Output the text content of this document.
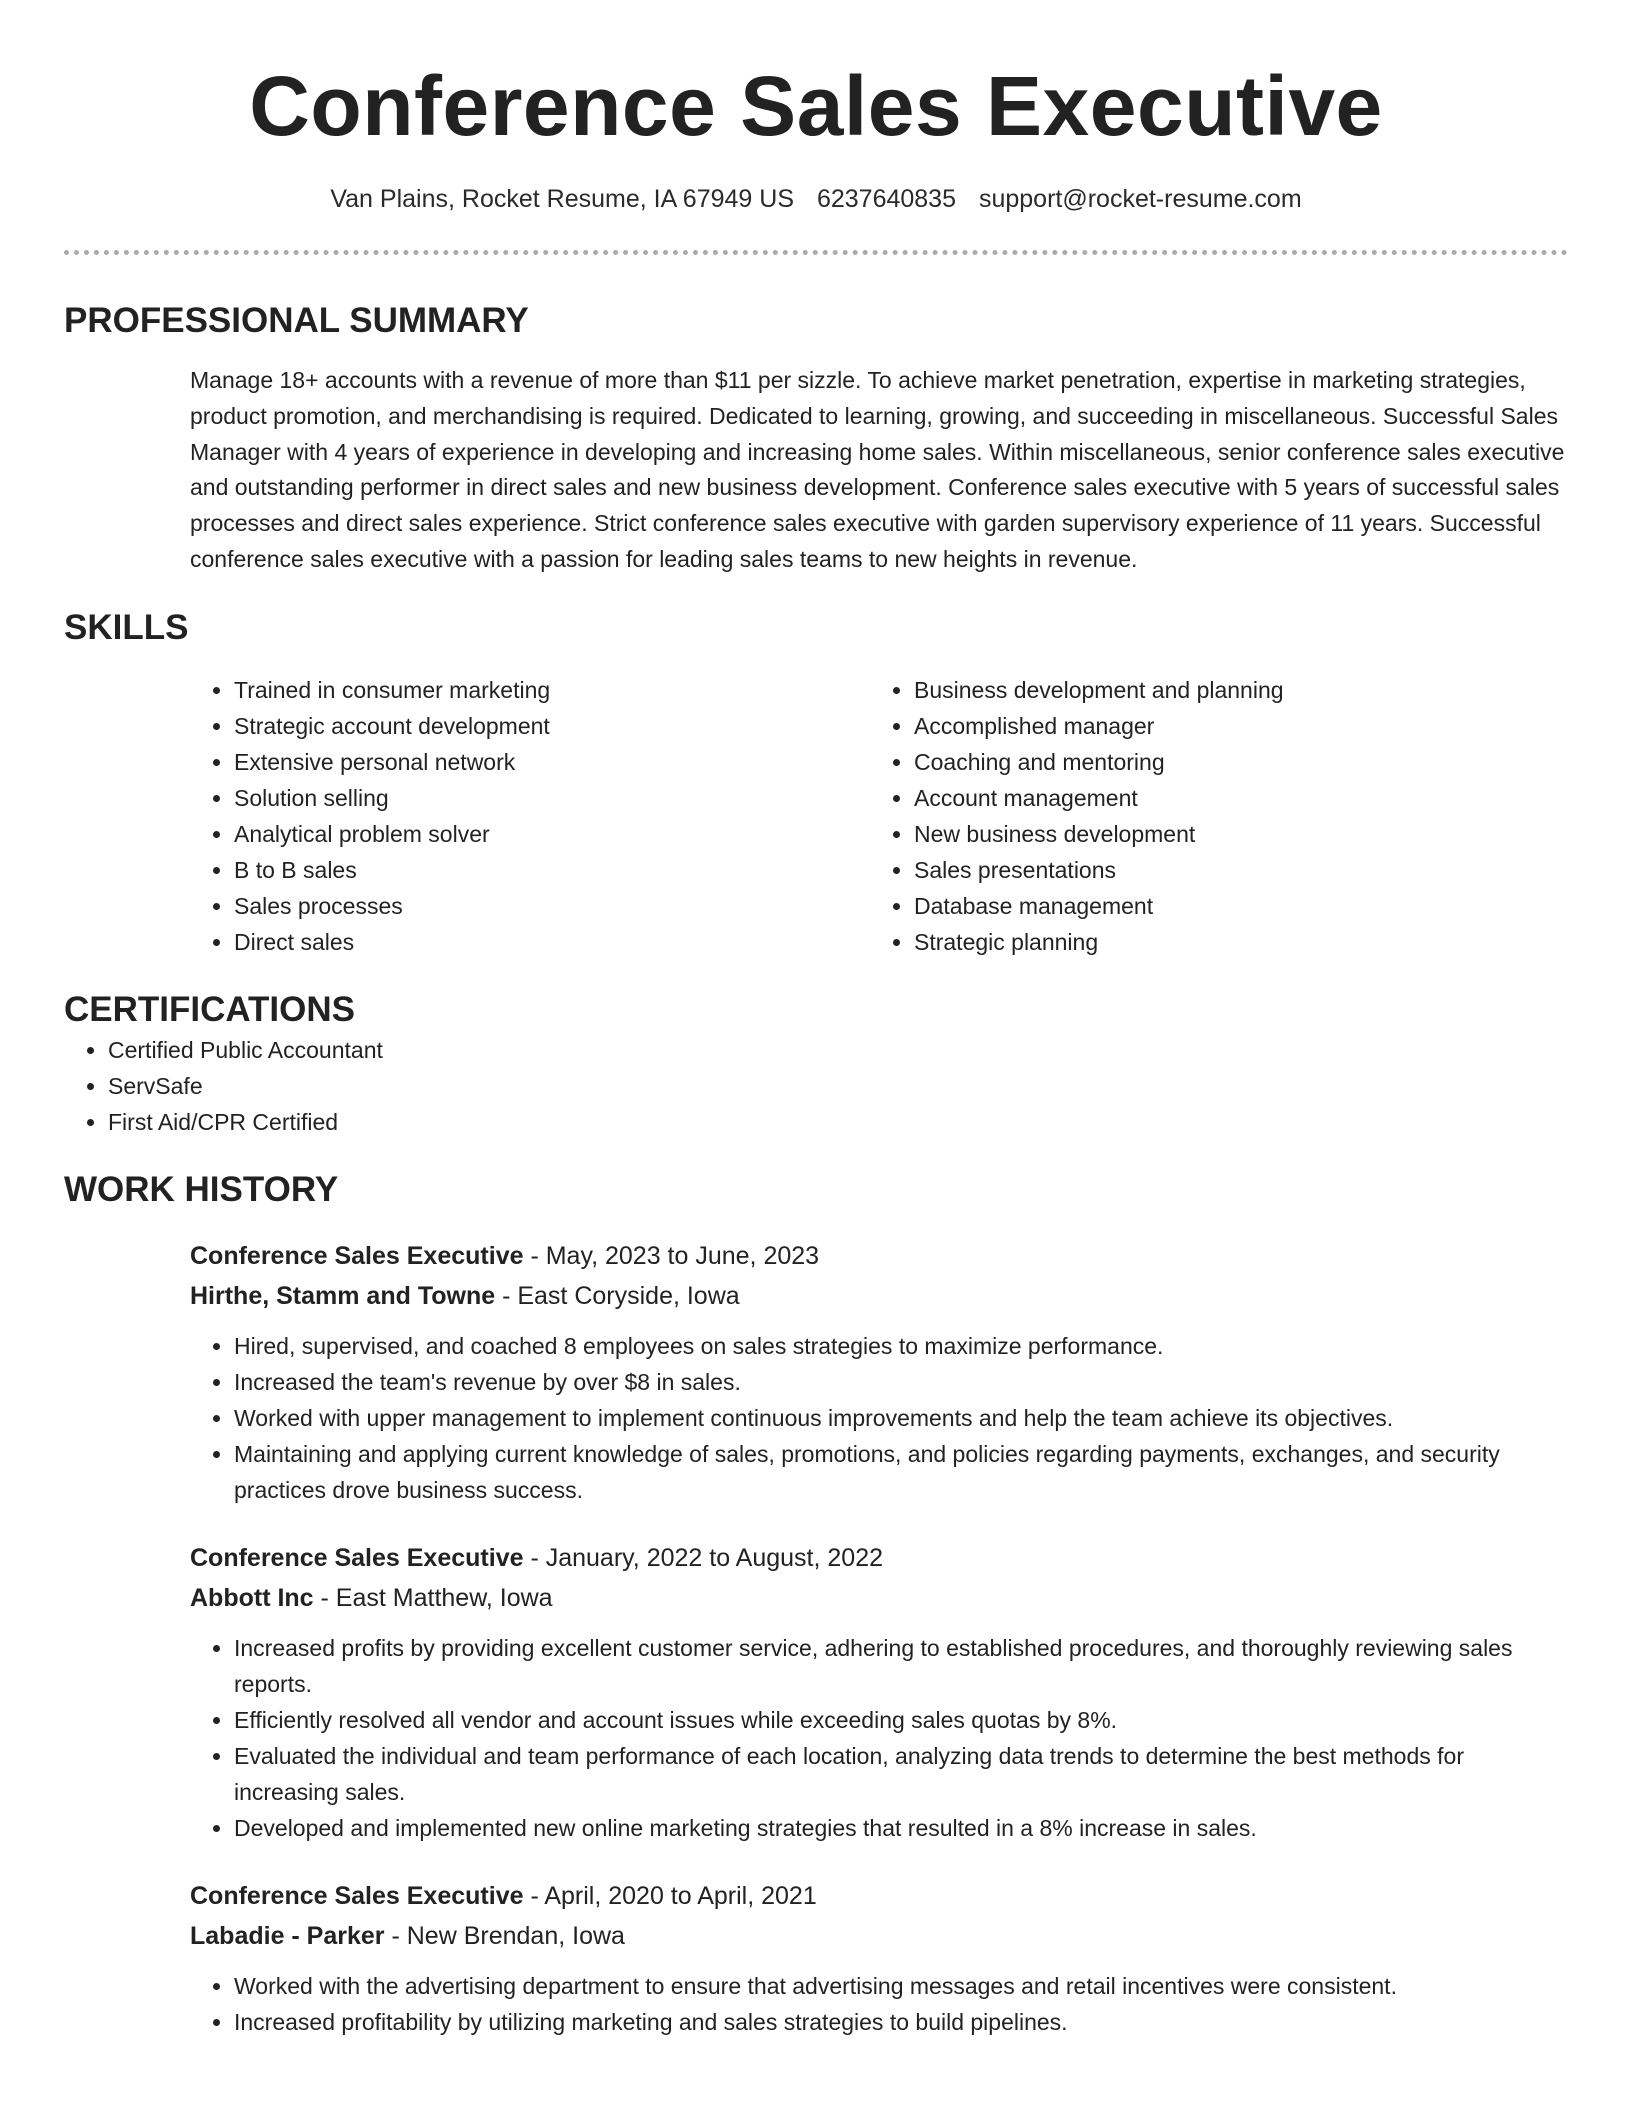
Conference Sales Executive
Van Plains, Rocket Resume, IA 67949 US 6237640835 support@rocket-resume.com
PROFESSIONAL SUMMARY

Manage 18+ accounts with a revenue of more than $11 per sizzle. To achieve market penetration, expertise in marketing strategies, product promotion, and merchandising is required. Dedicated to learning, growing, and succeeding in miscellaneous. Successful Sales Manager with 4 years of experience in developing and increasing home sales. Within miscellaneous, senior conference sales executive and outstanding performer in direct sales and new business development. Conference sales executive with 5 years of successful sales processes and direct sales experience. Strict conference sales executive with garden supervisory experience of 11 years. Successful conference sales executive with a passion for leading sales teams to new heights in revenue.

SKILLS
• Trained in consumer marketing
• Strategic account development
• Extensive personal network
• Solution selling
• Analytical problem solver
• B to B sales
• Sales processes
• Direct sales
• Business development and planning
• Accomplished manager
• Coaching and mentoring
• Account management
• New business development
• Sales presentations
• Database management
• Strategic planning
CERTIFICATIONS
• Certified Public Accountant
• ServSafe
• First Aid/CPR Certified
WORK HISTORY
Conference Sales Executive - May, 2023 to June, 2023
Hirthe, Stamm and Towne - East Coryside, Iowa
• Hired, supervised, and coached 8 employees on sales strategies to maximize performance.
• Increased the team's revenue by over $8 in sales.
• Worked with upper management to implement continuous improvements and help the team achieve its objectives.
• Maintaining and applying current knowledge of sales, promotions, and policies regarding payments, exchanges, and security practices drove business success.
Conference Sales Executive - January, 2022 to August, 2022
Abbott Inc - East Matthew, Iowa
• Increased profits by providing excellent customer service, adhering to established procedures, and thoroughly reviewing sales reports.
• Efficiently resolved all vendor and account issues while exceeding sales quotas by 8%.
• Evaluated the individual and team performance of each location, analyzing data trends to determine the best methods for increasing sales.
• Developed and implemented new online marketing strategies that resulted in a 8% increase in sales.
Conference Sales Executive - April, 2020 to April, 2021
Labadie - Parker - New Brendan, Iowa
• Worked with the advertising department to ensure that advertising messages and retail incentives were consistent.
• Increased profitability by utilizing marketing and sales strategies to build pipelines.
